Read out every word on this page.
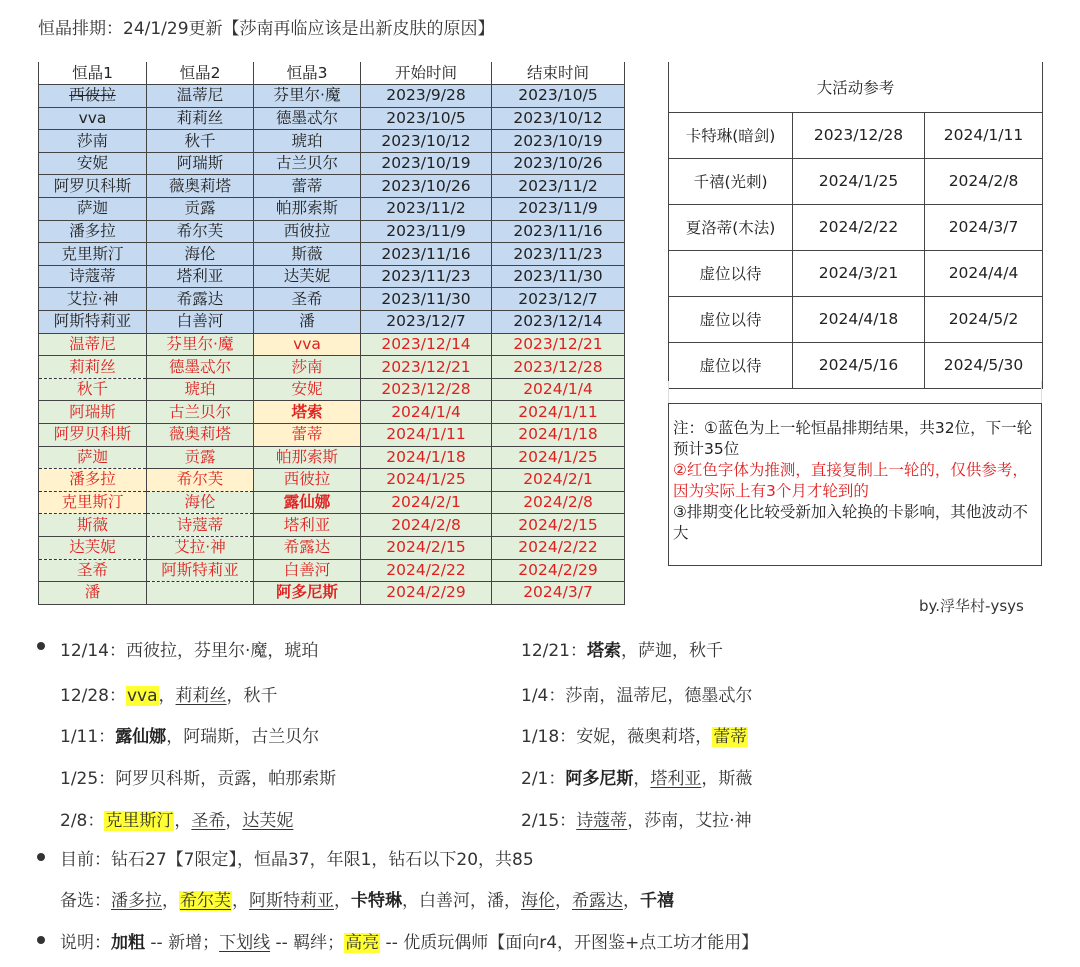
恒晶排期：24/1/29更新【莎南再临应该是出新皮肤的原因】
恒晶1	恒晶2	恒晶3	开始时间	结束时间
西彼拉	温蒂尼	芬里尔·魔	2023/9/28	2023/10/5
vva	莉莉丝	德墨忒尔	2023/10/5	2023/10/12
莎南	秋千	琥珀	2023/10/12	2023/10/19
安妮	阿瑞斯	古兰贝尔	2023/10/19	2023/10/26
阿罗贝科斯	薇奥莉塔	蕾蒂	2023/10/26	2023/11/2
萨迦	贡露	帕那索斯	2023/11/2	2023/11/9
潘多拉	希尔芙	西彼拉	2023/11/9	2023/11/16
克里斯汀	海伦	斯薇	2023/11/16	2023/11/23
诗蔻蒂	塔利亚	达芙妮	2023/11/23	2023/11/30
艾拉·神	希露达	圣希	2023/11/30	2023/12/7
阿斯特莉亚	白善河	潘	2023/12/7	2023/12/14
温蒂尼	芬里尔·魔	vva	2023/12/14	2023/12/21
莉莉丝	德墨忒尔	莎南	2023/12/21	2023/12/28
秋千	琥珀	安妮	2023/12/28	2024/1/4
阿瑞斯	古兰贝尔	塔索	2024/1/4	2024/1/11
阿罗贝科斯	薇奥莉塔	蕾蒂	2024/1/11	2024/1/18
萨迦	贡露	帕那索斯	2024/1/18	2024/1/25
潘多拉	希尔芙	西彼拉	2024/1/25	2024/2/1
克里斯汀	海伦	露仙娜	2024/2/1	2024/2/8
斯薇	诗蔻蒂	塔利亚	2024/2/8	2024/2/15
达芙妮	艾拉·神	希露达	2024/2/15	2024/2/22
圣希	阿斯特莉亚	白善河	2024/2/22	2024/2/29
潘		阿多尼斯	2024/2/29	2024/3/7
大活动参考		
卡特琳(暗剑)	2023/12/28	2024/1/11
千禧(光刺)	2024/1/25	2024/2/8
夏洛蒂(木法)	2024/2/22	2024/3/7
虚位以待	2024/3/21	2024/4/4
虚位以待	2024/4/18	2024/5/2
虚位以待	2024/5/16	2024/5/30
注：①蓝色为上一轮恒晶排期结果，共32位，下一轮预计35位
②红色字体为推测，直接复制上一轮的，仅供参考，因为实际上有3个月才轮到的
③排期变化比较受新加入轮换的卡影响，其他波动不大
by.浮华村-ysys
12/14：西彼拉，芬里尔·魔，琥珀	12/21：塔索，萨迦，秋千
12/28：vva，莉莉丝，秋千	1/4：莎南，温蒂尼，德墨忒尔
1/11：露仙娜，阿瑞斯，古兰贝尔	1/18：安妮，薇奥莉塔，蕾蒂
1/25：阿罗贝科斯，贡露，帕那索斯	2/1：阿多尼斯，塔利亚，斯薇
2/8：克里斯汀，圣希，达芙妮	2/15：诗蔻蒂，莎南，艾拉·神
目前：钻石27【7限定】，恒晶37，年限1，钻石以下20，共85
备选：潘多拉，希尔芙，阿斯特莉亚，卡特琳，白善河，潘，海伦，希露达，千禧
说明：加粗 -- 新增；下划线 -- 羁绊；高亮 -- 优质玩偶师【面向r4，开图鉴+点工坊才能用】
